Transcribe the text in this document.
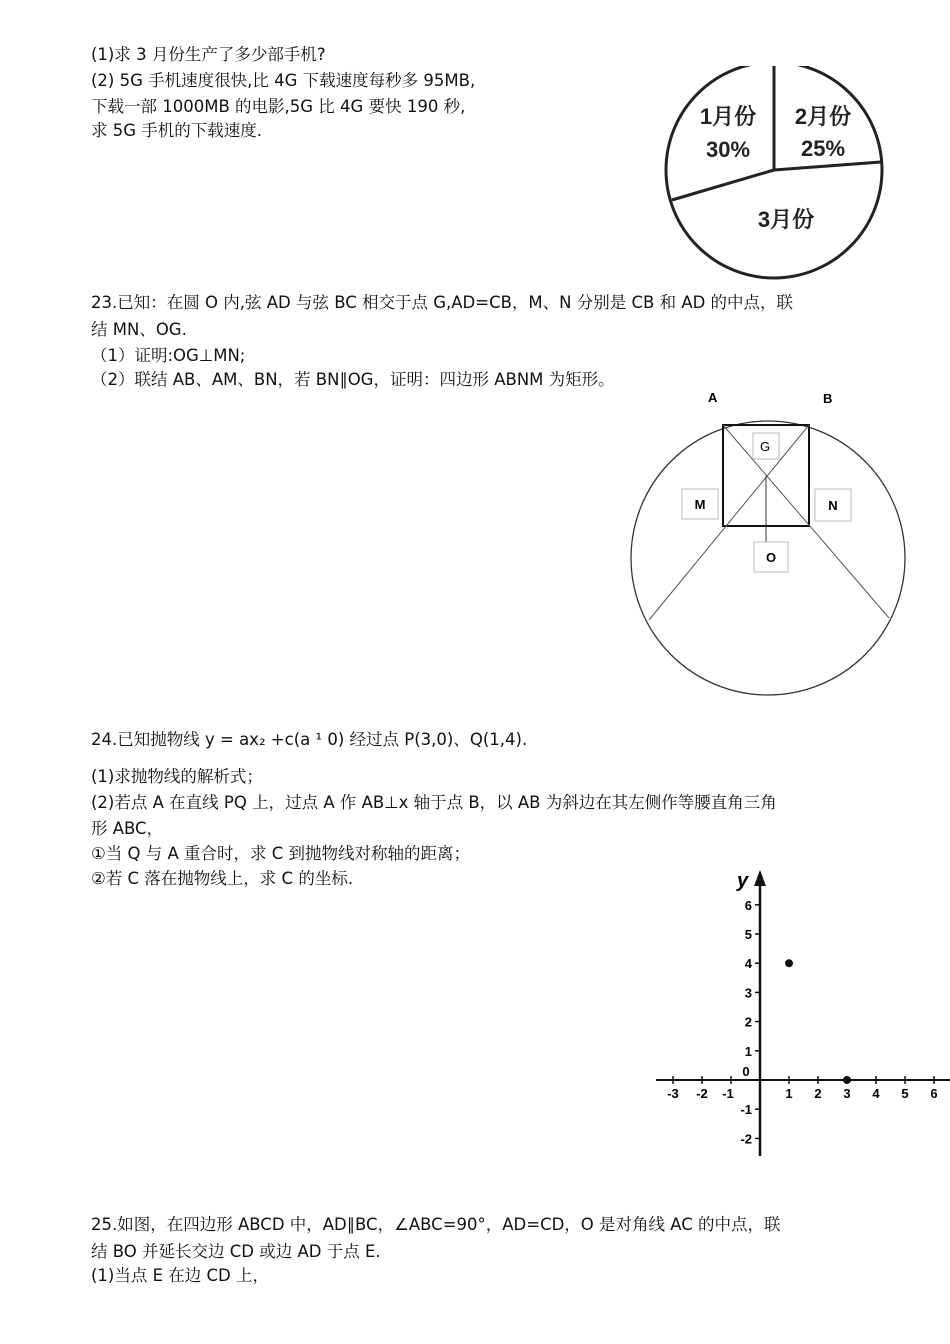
(1)求 3 月份生产了多少部手机?
(2) 5G 手机速度很快,比 4G 下载速度每秒多 95MB,
下载一部 1000MB 的电影,5G 比 4G 要快 190 秒,
求 5G 手机的下载速度.
1月份
30%
2月份
25%
3月份
23.已知：在圆 O 内,弦 AD 与弦 BC 相交于点 G,AD=CB，M、N 分别是 CB 和 AD 的中点，联
结 MN、OG.
（1）证明:OG⊥MN;
（2）联结 AB、AM、BN，若 BN∥OG，证明：四边形 ABNM 为矩形。
A	B
G
M	N
O
24.已知抛物线 y = ax₂ +c(a ¹ 0) 经过点 P(3,0)、Q(1,4).
(1)求抛物线的解析式；
(2)若点 A 在直线 PQ 上，过点 A 作 AB⊥x 轴于点 B，以 AB 为斜边在其左侧作等腰直角三角
形 ABC，
①当 Q 与 A 重合时，求 C 到抛物线对称轴的距离；
②若 C 落在抛物线上，求 C 的坐标.	y
-3 -2 -1
0
1 2 3 4 5 6
-2
-1
1
2
3
4
5
6
25.如图，在四边形 ABCD 中，AD∥BC，∠ABC=90°，AD=CD，O 是对角线 AC 的中点，联
结 BO 并延长交边 CD 或边 AD 于点 E.
(1)当点 E 在边 CD 上，
